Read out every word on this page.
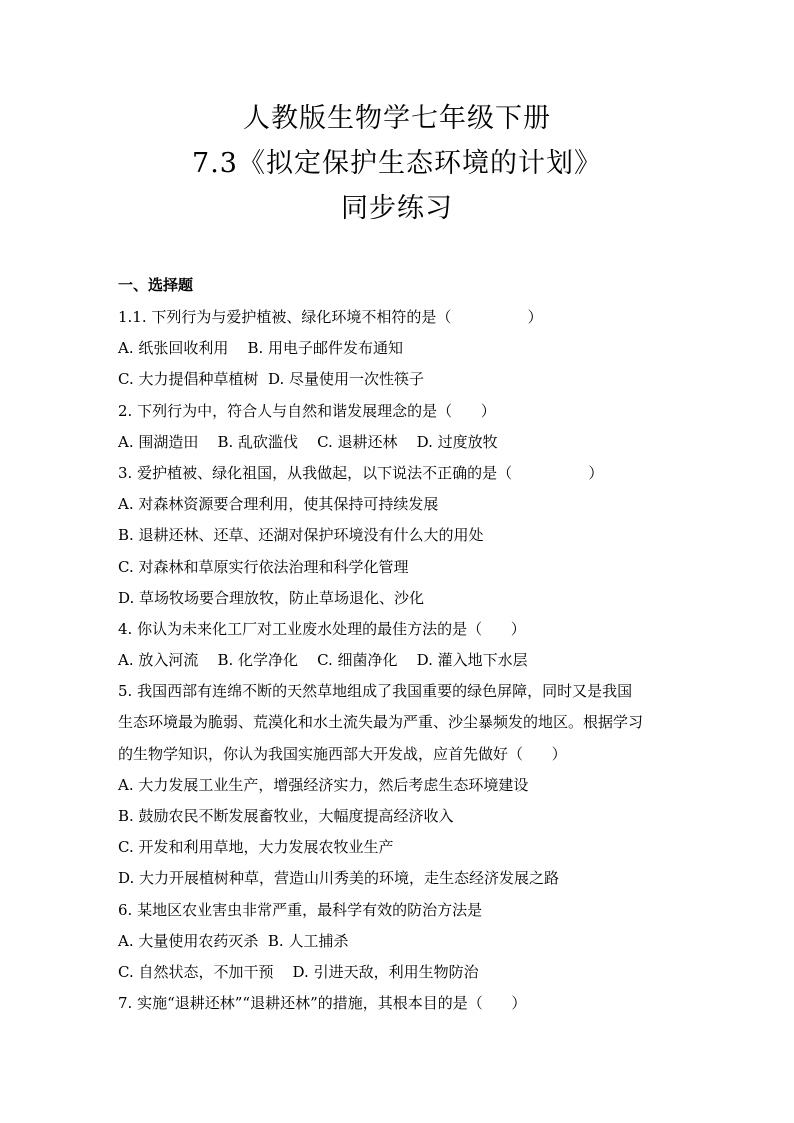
人教版生物学七年级下册
7.3《拟定保护生态环境的计划》
同步练习
一、选择题
1.1. 下列行为与爱护植被、绿化环境不相符的是（                ）
A. 纸张回收利用    B. 用电子邮件发布通知
C. 大力提倡种草植树  D. 尽量使用一次性筷子
2. 下列行为中，符合人与自然和谐发展理念的是（      ）
A. 围湖造田    B. 乱砍滥伐    C. 退耕还林    D. 过度放牧
3. 爱护植被、绿化祖国，从我做起，以下说法不正确的是（                ）
A. 对森林资源要合理利用，使其保持可持续发展
B. 退耕还林、还草、还湖对保护环境没有什么大的用处
C. 对森林和草原实行依法治理和科学化管理
D. 草场牧场要合理放牧，防止草场退化、沙化
4. 你认为未来化工厂对工业废水处理的最佳方法的是（      ）
A. 放入河流    B. 化学净化    C. 细菌净化    D. 灌入地下水层
5. 我国西部有连绵不断的天然草地组成了我国重要的绿色屏障，同时又是我国
生态环境最为脆弱、荒漠化和水土流失最为严重、沙尘暴频发的地区。根据学习
的生物学知识，你认为我国实施西部大开发战，应首先做好（      ）
A. 大力发展工业生产，增强经济实力，然后考虑生态环境建设
B. 鼓励农民不断发展畜牧业，大幅度提高经济收入
C. 开发和利用草地，大力发展农牧业生产
D. 大力开展植树种草，营造山川秀美的环境，走生态经济发展之路
6. 某地区农业害虫非常严重，最科学有效的防治方法是
A. 大量使用农药灭杀  B. 人工捕杀
C. 自然状态，不加干预    D. 引进天敌，利用生物防治
7. 实施“退耕还林”“退耕还林”的措施，其根本目的是（      ）
